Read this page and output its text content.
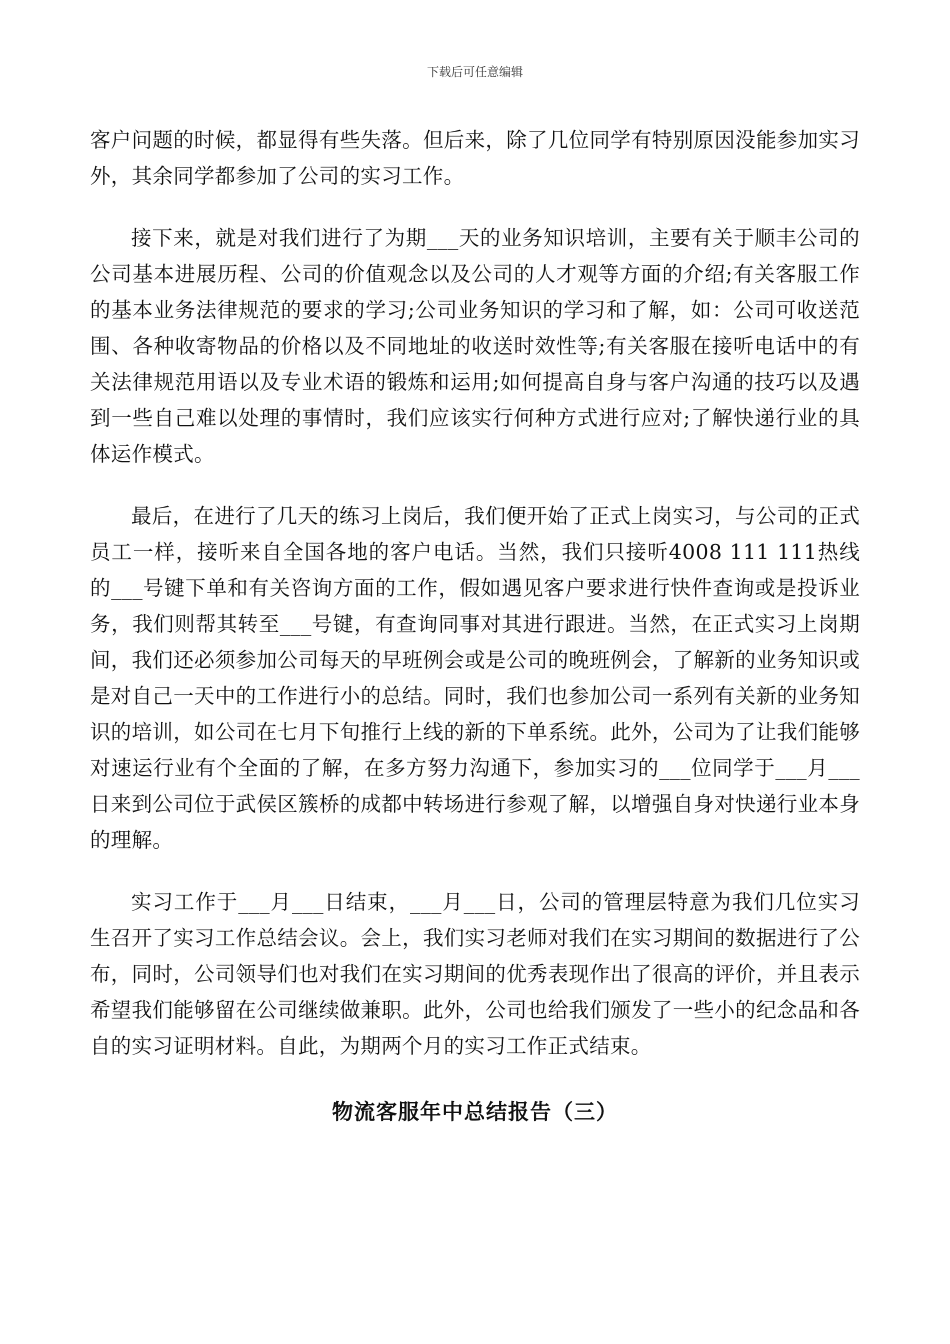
下载后可任意编辑

客户问题的时候，都显得有些失落。但后来，除了几位同学有特别原因没能参加实习外，其余同学都参加了公司的实习工作。

接下来，就是对我们进行了为期___天的业务知识培训，主要有关于顺丰公司的公司基本进展历程、公司的价值观念以及公司的人才观等方面的介绍;有关客服工作的基本业务法律规范的要求的学习;公司业务知识的学习和了解，如：公司可收送范围、各种收寄物品的价格以及不同地址的收送时效性等;有关客服在接听电话中的有关法律规范用语以及专业术语的锻炼和运用;如何提高自身与客户沟通的技巧以及遇到一些自己难以处理的事情时，我们应该实行何种方式进行应对;了解快递行业的具体运作模式。

最后，在进行了几天的练习上岗后，我们便开始了正式上岗实习，与公司的正式员工一样，接听来自全国各地的客户电话。当然，我们只接听4008 111 111热线的___号键下单和有关咨询方面的工作，假如遇见客户要求进行快件查询或是投诉业务，我们则帮其转至___号键，有查询同事对其进行跟进。当然，在正式实习上岗期间，我们还必须参加公司每天的早班例会或是公司的晚班例会，了解新的业务知识或是对自己一天中的工作进行小的总结。同时，我们也参加公司一系列有关新的业务知识的培训，如公司在七月下旬推行上线的新的下单系统。此外，公司为了让我们能够对速运行业有个全面的了解，在多方努力沟通下，参加实习的___位同学于___月___日来到公司位于武侯区簇桥的成都中转场进行参观了解，以增强自身对快递行业本身的理解。

实习工作于___月___日结束，___月___日，公司的管理层特意为我们几位实习生召开了实习工作总结会议。会上，我们实习老师对我们在实习期间的数据进行了公布，同时，公司领导们也对我们在实习期间的优秀表现作出了很高的评价，并且表示希望我们能够留在公司继续做兼职。此外，公司也给我们颁发了一些小的纪念品和各自的实习证明材料。自此，为期两个月的实习工作正式结束。

物流客服年中总结报告（三）
